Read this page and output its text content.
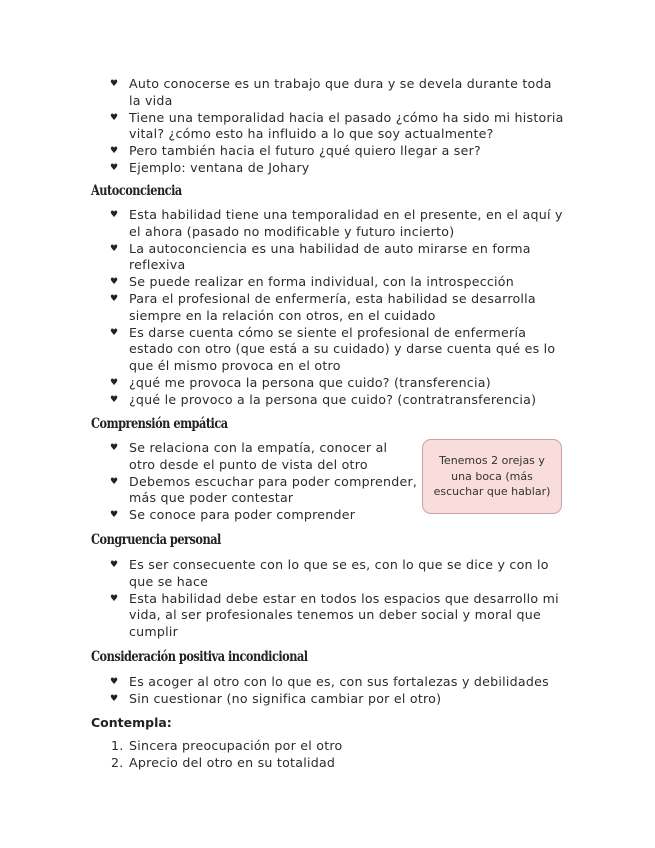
♥ Auto conocerse es un trabajo que dura y se devela durante toda la vida
♥ Tiene una temporalidad hacia el pasado ¿cómo ha sido mi historia vital? ¿cómo esto ha influido a lo que soy actualmente?
♥ Pero también hacia el futuro ¿qué quiero llegar a ser?
♥ Ejemplo: ventana de Johary
Autoconciencia
♥ Esta habilidad tiene una temporalidad en el presente, en el aquí y el ahora (pasado no modificable y futuro incierto)
♥ La autoconciencia es una habilidad de auto mirarse en forma reflexiva
♥ Se puede realizar en forma individual, con la introspección
♥ Para el profesional de enfermería, esta habilidad se desarrolla siempre en la relación con otros, en el cuidado
♥ Es darse cuenta cómo se siente el profesional de enfermería estado con otro (que está a su cuidado) y darse cuenta qué es lo que él mismo provoca en el otro
♥ ¿qué me provoca la persona que cuido? (transferencia)
♥ ¿qué le provoco a la persona que cuido? (contratransferencia)
Comprensión empática
♥ Se relaciona con la empatía, conocer al otro desde el punto de vista del otro
♥ Debemos escuchar para poder comprender, más que poder contestar
♥ Se conoce para poder comprender
Tenemos 2 orejas y una boca (más escuchar que hablar)
Congruencia personal
♥ Es ser consecuente con lo que se es, con lo que se dice y con lo que se hace
♥ Esta habilidad debe estar en todos los espacios que desarrollo mi vida, al ser profesionales tenemos un deber social y moral que cumplir
Consideración positiva incondicional
♥ Es acoger al otro con lo que es, con sus fortalezas y debilidades
♥ Sin cuestionar (no significa cambiar por el otro)
Contempla:
1. Sincera preocupación por el otro
2. Aprecio del otro en su totalidad
